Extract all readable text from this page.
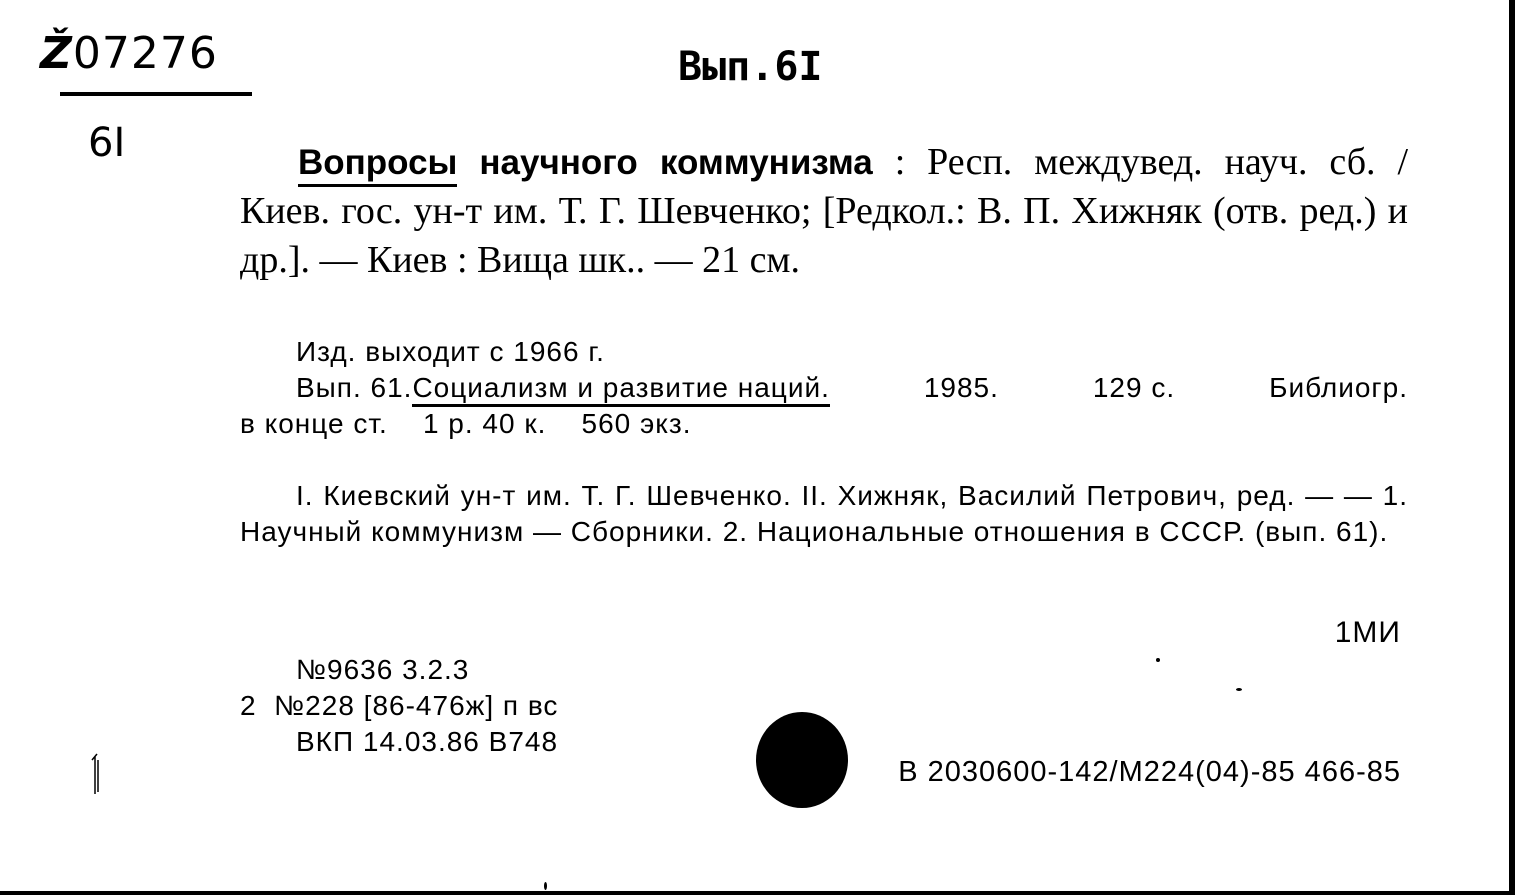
Ž07276
6I
Вып.6I
Вопросы научного коммунизма : Респ. междувед. науч. сб. / Киев. гос. ун-т им. Т. Г. Шевченко; [Редкол.: В. П. Хижняк (отв. ред.) и др.]. — Киев : Вища шк.. — 21 см.
Изд. выходит с 1966 г.
Вып. 61.Социализм и развитие наций.	1985.	129 с.	Библиогр.
в конце ст. 1 р. 40 к. 560 экз.
I. Киевский ун-т им. Т. Г. Шевченко. II. Хижняк, Василий Петрович, ред. — — 1. Научный коммунизм — Сборники. 2. Национальные отношения в СССР. (вып. 61).
1МИ
№9636 3.2.3
2 №228 [86-476ж] п вс
ВКП 14.03.86 В748
В 2030600-142/М224(04)-85 466-85
